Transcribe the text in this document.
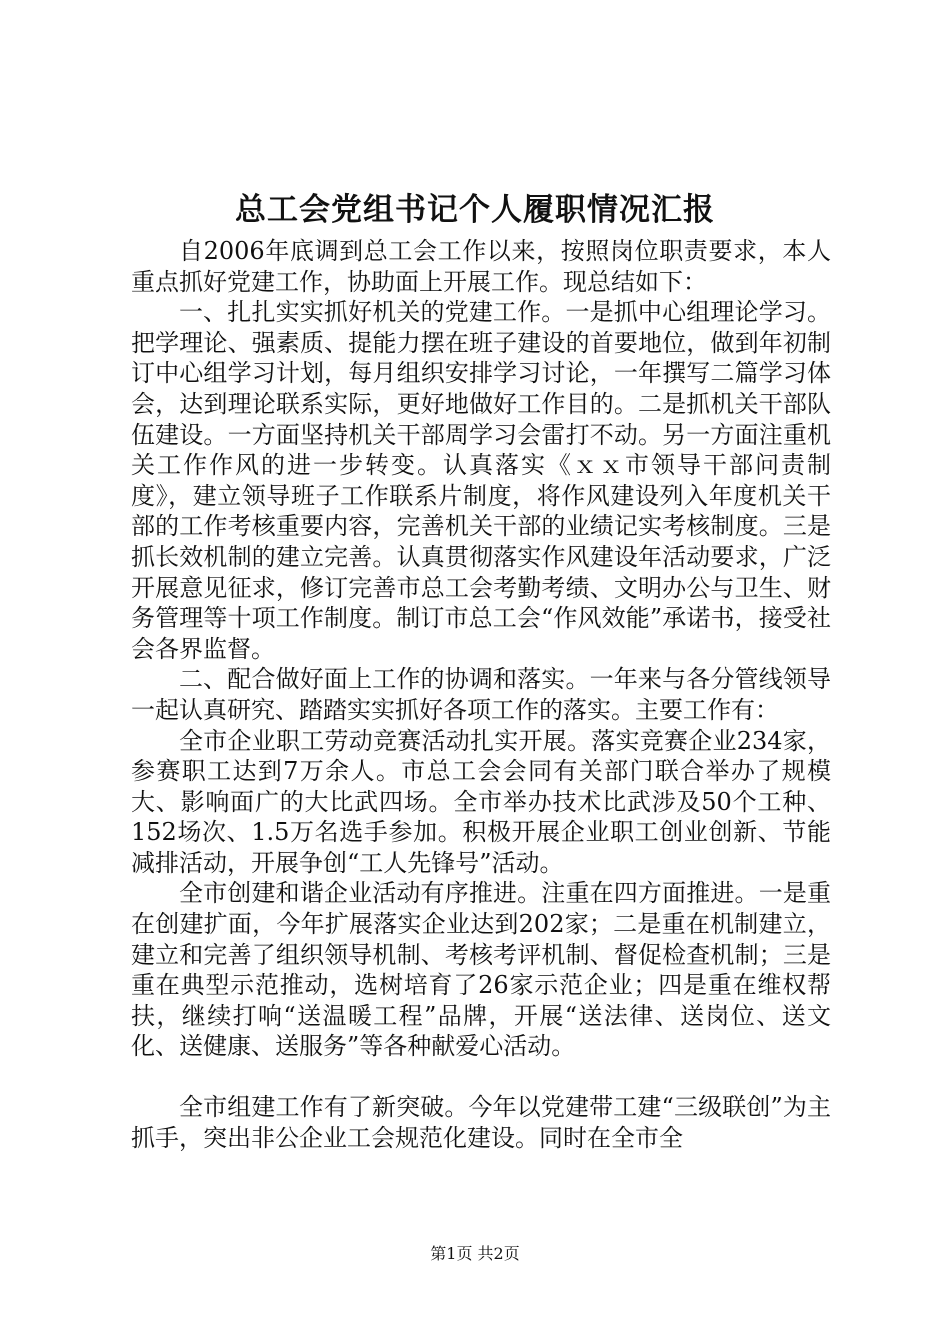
总工会党组书记个人履职情况汇报

自2006年底调到总工会工作以来，按照岗位职责要求，本人重点抓好党建工作，协助面上开展工作。现总结如下：

一、扎扎实实抓好机关的党建工作。一是抓中心组理论学习。把学理论、强素质、提能力摆在班子建设的首要地位，做到年初制订中心组学习计划，每月组织安排学习讨论，一年撰写二篇学习体会，达到理论联系实际，更好地做好工作目的。二是抓机关干部队伍建设。一方面坚持机关干部周学习会雷打不动。另一方面注重机关工作作风的进一步转变。认真落实《ｘｘ市领导干部问责制度》，建立领导班子工作联系片制度，将作风建设列入年度机关干部的工作考核重要内容，完善机关干部的业绩记实考核制度。三是抓长效机制的建立完善。认真贯彻落实作风建设年活动要求，广泛开展意见征求，修订完善市总工会考勤考绩、文明办公与卫生、财务管理等十项工作制度。制订市总工会“作风效能”承诺书，接受社会各界监督。

二、配合做好面上工作的协调和落实。一年来与各分管线领导一起认真研究、踏踏实实抓好各项工作的落实。主要工作有：

全市企业职工劳动竞赛活动扎实开展。落实竞赛企业234家，参赛职工达到7万余人。市总工会会同有关部门联合举办了规模大、影响面广的大比武四场。全市举办技术比武涉及50个工种、152场次、1.5万名选手参加。积极开展企业职工创业创新、节能减排活动，开展争创“工人先锋号”活动。

全市创建和谐企业活动有序推进。注重在四方面推进。一是重在创建扩面，今年扩展落实企业达到202家；二是重在机制建立，建立和完善了组织领导机制、考核考评机制、督促检查机制；三是重在典型示范推动，选树培育了26家示范企业；四是重在维权帮扶，继续打响“送温暖工程”品牌，开展“送法律、送岗位、送文化、送健康、送服务”等各种献爱心活动。

全市组建工作有了新突破。今年以党建带工建“三级联创”为主抓手，突出非公企业工会规范化建设。同时在全市全

第1页 共2页
